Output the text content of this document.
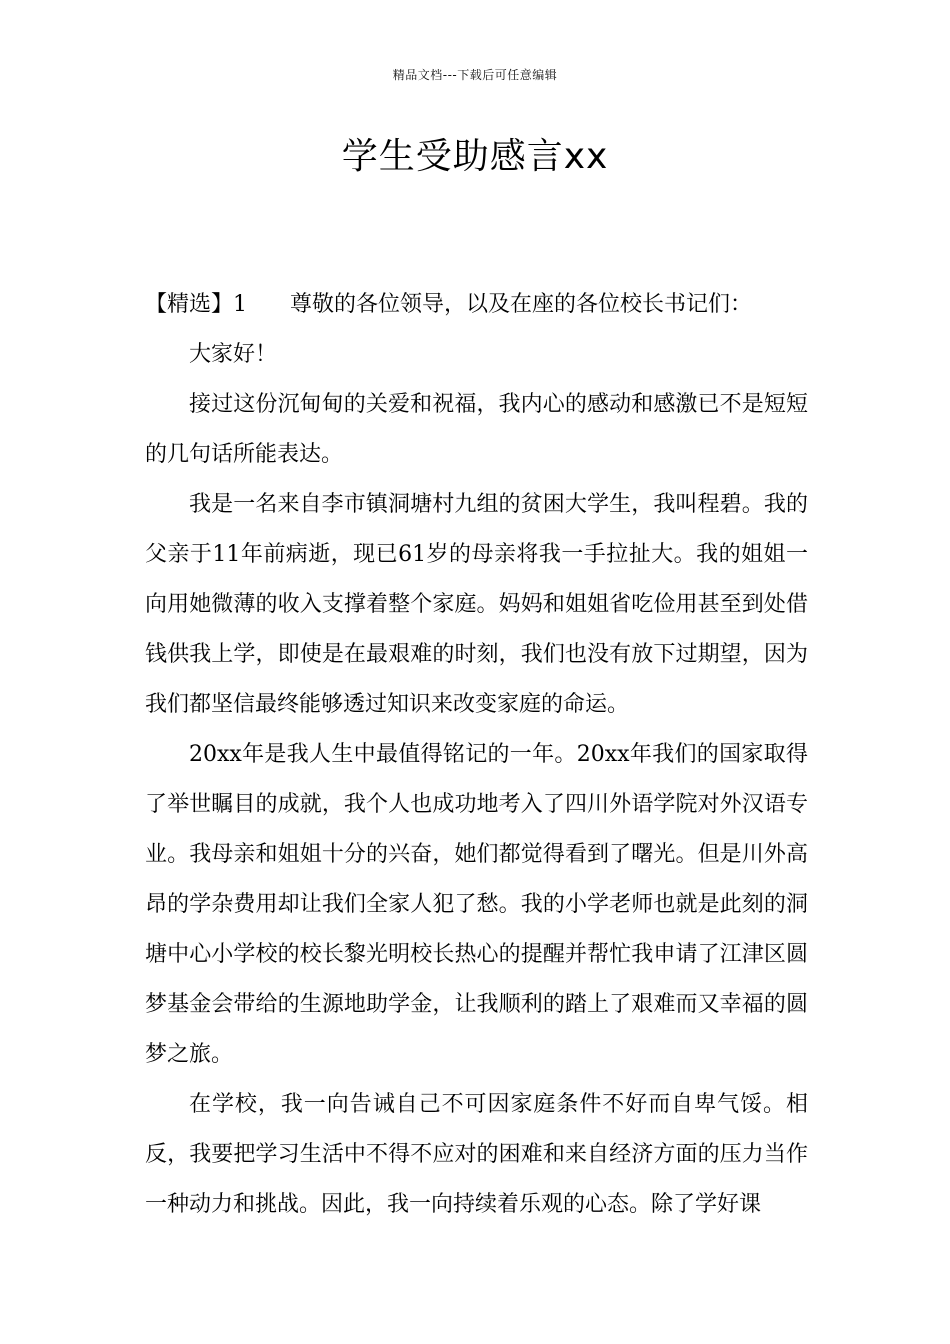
精品文档---下载后可任意编辑
学生受助感言xx

【精选】1 尊敬的各位领导，以及在座的各位校长书记们：

大家好！

接过这份沉甸甸的关爱和祝福，我内心的感动和感激已不是短短的几句话所能表达。

我是一名来自李市镇洞塘村九组的贫困大学生，我叫程碧。我的父亲于11年前病逝，现已61岁的母亲将我一手拉扯大。我的姐姐一向用她微薄的收入支撑着整个家庭。妈妈和姐姐省吃俭用甚至到处借钱供我上学，即使是在最艰难的时刻，我们也没有放下过期望，因为我们都坚信最终能够透过知识来改变家庭的命运。

20xx年是我人生中最值得铭记的一年。20xx年我们的国家取得了举世瞩目的成就，我个人也成功地考入了四川外语学院对外汉语专业。我母亲和姐姐十分的兴奋，她们都觉得看到了曙光。但是川外高昂的学杂费用却让我们全家人犯了愁。我的小学老师也就是此刻的洞塘中心小学校的校长黎光明校长热心的提醒并帮忙我申请了江津区圆梦基金会带给的生源地助学金，让我顺利的踏上了艰难而又幸福的圆梦之旅。

在学校，我一向告诫自己不可因家庭条件不好而自卑气馁。相反，我要把学习生活中不得不应对的困难和来自经济方面的压力当作一种动力和挑战。因此，我一向持续着乐观的心态。除了学好课
